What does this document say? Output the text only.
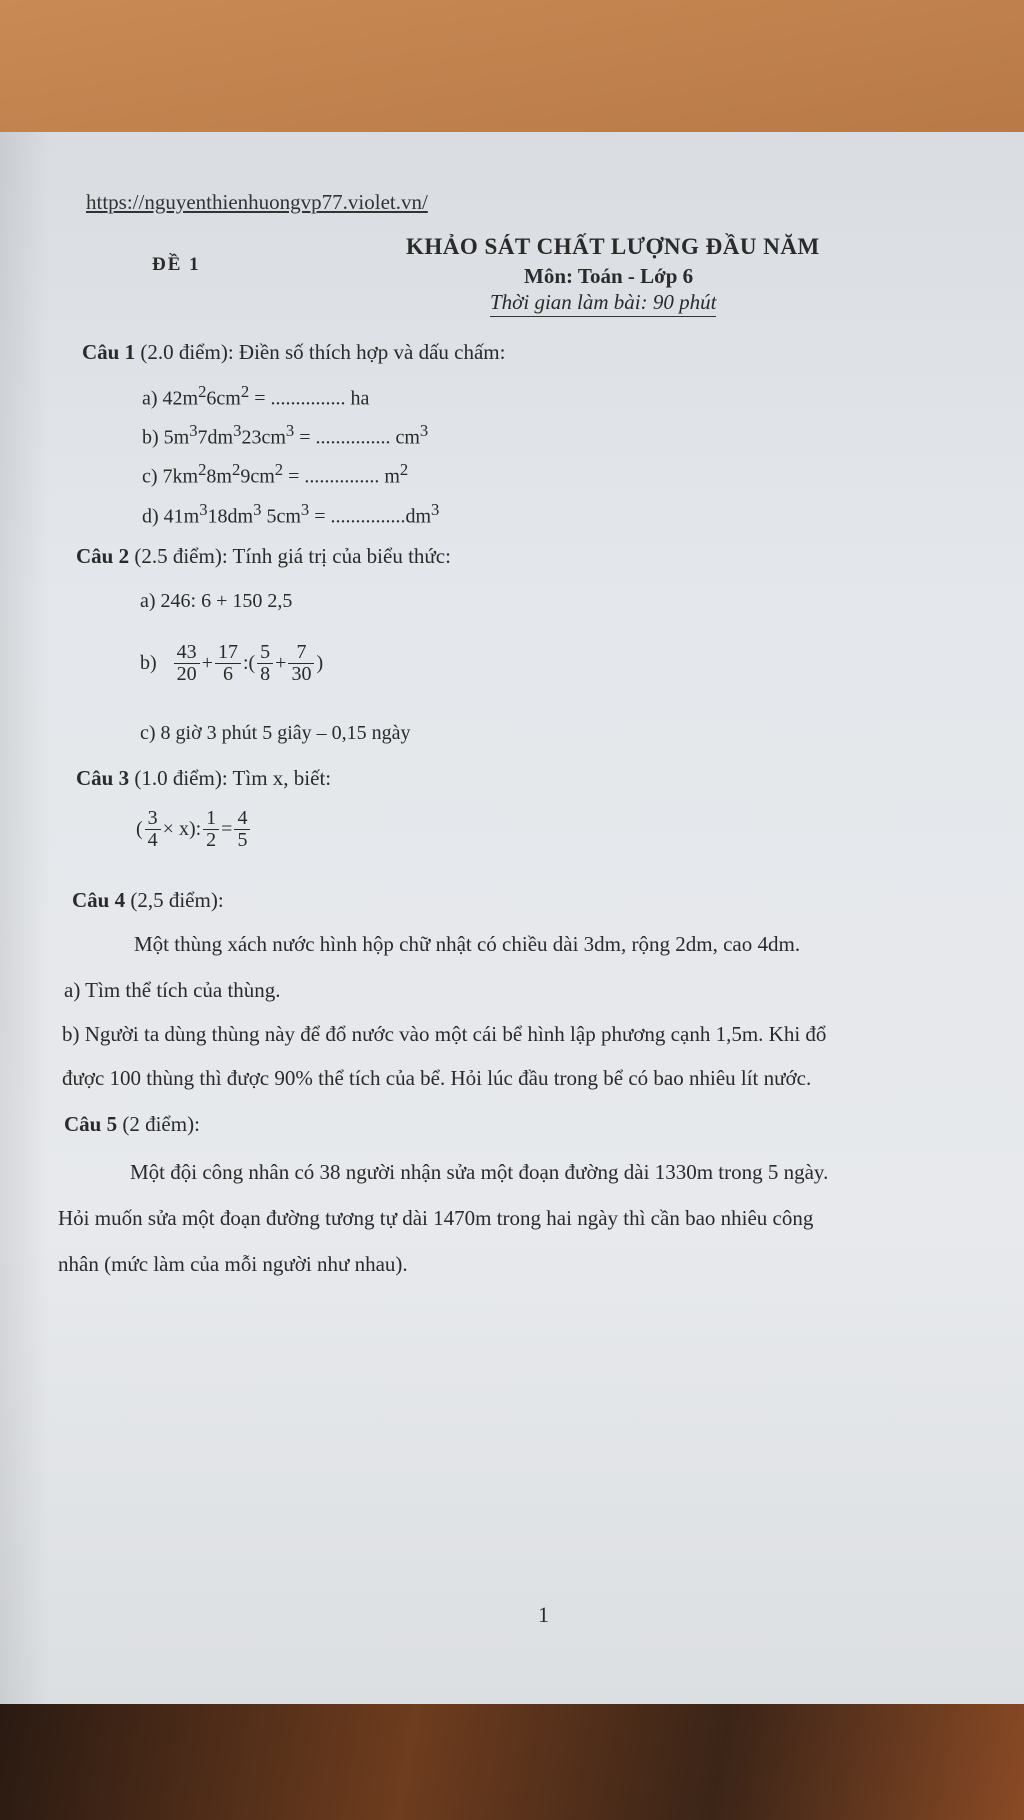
https://nguyenthienhuongvp77.violet.vn/
ĐỀ 1
KHẢO SÁT CHẤT LƯỢNG ĐẦU NĂM
Môn: Toán - Lớp 6
Thời gian làm bài: 90 phút
Câu 1 (2.0 điểm): Điền số thích hợp và dấu chấm:
a) $42m^26cm^2$ = ............... ha
b) $5m^37dm^323cm^3$ = ............... $cm^3$
c) $7km^28m^29cm^2$ = ............... $m^2$
d) $41m^318dm^3$ $5cm^3 = ...............dm^3$
Câu 2 (2.5 điểm): Tính giá trị của biểu thức:
a) 246: 6 + 150 2,5
$b) \frac{43}{20} + \frac{17}{6}$ :( $\frac{5}{8} + \frac{7}{30}$ )
c) 8 giờ 3 phút 5 giây – 0,15 ngày
Câu 3 (1.0 điểm): Tìm x, biết:
( $\frac{3}{4} \times x$): $\frac{1}{2} = \frac{4}{5}$
Câu 4 (2,5 điểm):
Một thùng xách nước hình hộp chữ nhật có chiều dài 3dm, rộng 2dm, cao 4dm.
a) Tìm thể tích của thùng.
b) Người ta dùng thùng này để đổ nước vào một cái bể hình lập phương cạnh 1,5m. Khi đổ
được 100 thùng thì được 90% thể tích của bể. Hỏi lúc đầu trong bể có bao nhiêu lít nước.
Câu 5 (2 điểm):
Một đội công nhân có 38 người nhận sửa một đoạn đường dài 1330m trong 5 ngày.
Hỏi muốn sửa một đoạn đường tương tự dài 1470m trong hai ngày thì cần bao nhiêu công
nhân (mức làm của mỗi người như nhau).
1
